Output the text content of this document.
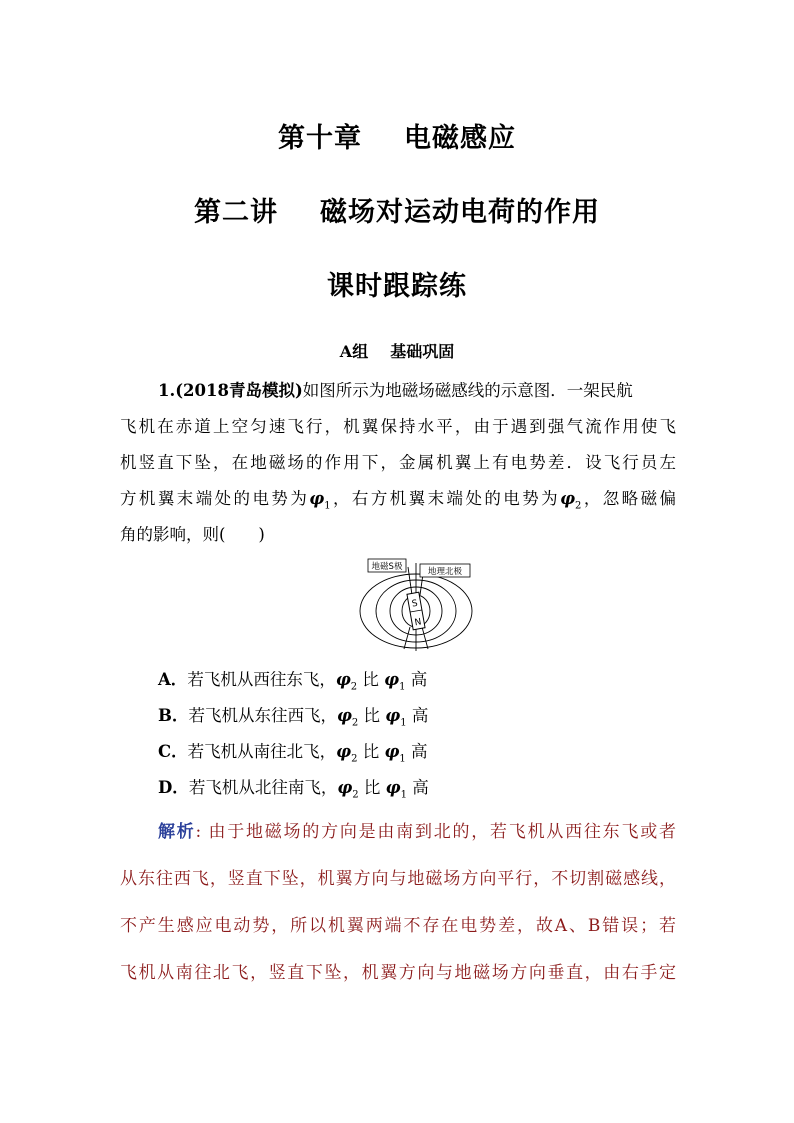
第十章 电磁感应
第二讲 磁场对运动电荷的作用
课时跟踪练
A组 基础巩固
1.(2018青岛模拟)如图所示为地磁场磁感线的示意图．一架民航
飞机在赤道上空匀速飞行，机翼保持水平，由于遇到强气流作用使飞
机竖直下坠，在地磁场的作用下，金属机翼上有电势差．设飞行员左
方机翼末端处的电势为$\varphi_1$，右方机翼末端处的电势为$\varphi_2$，忽略磁偏
角的影响，则(　　)
地磁S极	地理北极
S
N
A．若飞机从西往东飞，$\varphi_2$ 比 $\varphi_1$ 高
B．若飞机从东往西飞，$\varphi_2$ 比 $\varphi_1$ 高
C．若飞机从南往北飞，$\varphi_2$ 比 $\varphi_1$ 高
D．若飞机从北往南飞，$\varphi_2$ 比 $\varphi_1$ 高
解析: 由于地磁场的方向是由南到北的，若飞机从西往东飞或者
从东往西飞，竖直下坠，机翼方向与地磁场方向平行，不切割磁感线，
不产生感应电动势，所以机翼两端不存在电势差，故A、B错误；若
飞机从南往北飞，竖直下坠，机翼方向与地磁场方向垂直，由右手定
